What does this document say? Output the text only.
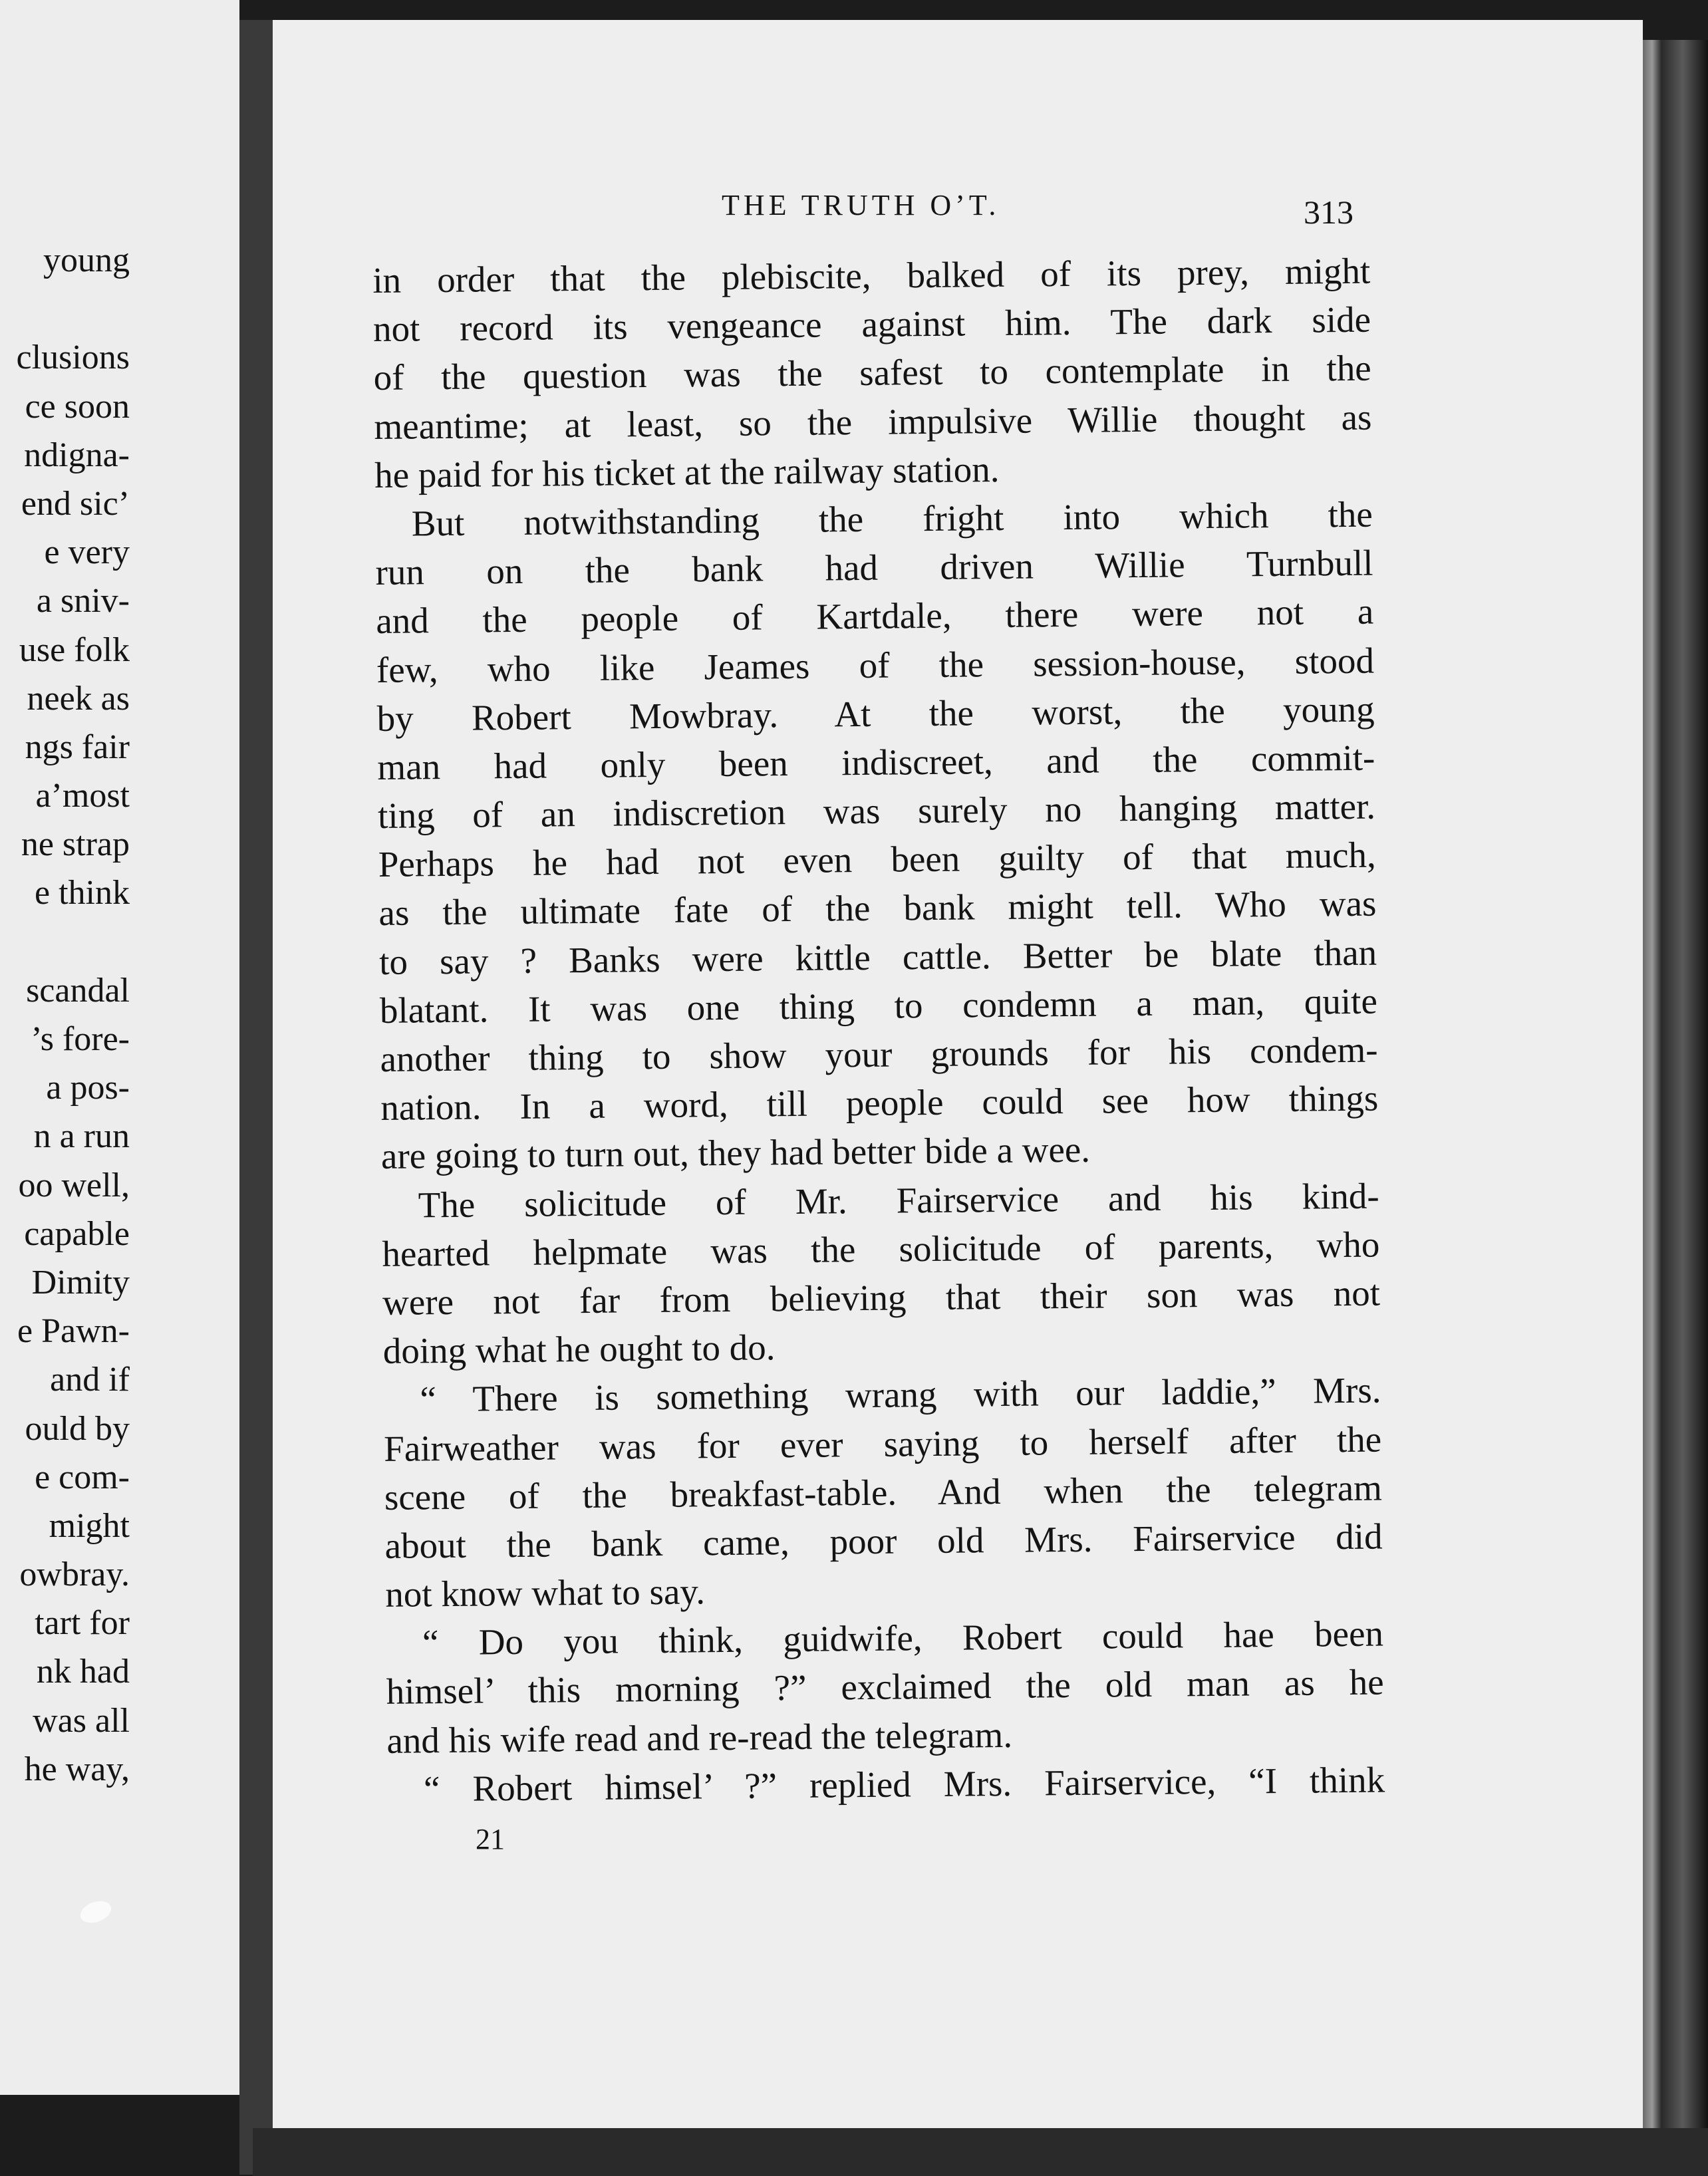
young
clusions
ce soon
ndigna-
end sic’
e very
a sniv-
use folk
neek as
ngs fair
a’most
ne strap
e think
scandal
’s fore-
a pos-
n a run
oo well,
capable
Dimity
e Pawn-
and if
ould by
e com-
might
owbray.
tart for
nk had
was all
he way,
THE TRUTH O’T.	313
in order that the plebiscite, balked of its prey, might
not record its vengeance against him. The dark side
of the question was the safest to contemplate in the
meantime; at least, so the impulsive Willie thought as
he paid for his ticket at the railway station.
But notwithstanding the fright into which the
run on the bank had driven Willie Turnbull
and the people of Kartdale, there were not a
few, who like Jeames of the session-house, stood
by Robert Mowbray. At the worst, the young
man had only been indiscreet, and the commit-
ting of an indiscretion was surely no hanging matter.
Perhaps he had not even been guilty of that much,
as the ultimate fate of the bank might tell. Who was
to say ? Banks were kittle cattle. Better be blate than
blatant. It was one thing to condemn a man, quite
another thing to show your grounds for his condem-
nation. In a word, till people could see how things
are going to turn out, they had better bide a wee.
The solicitude of Mr. Fairservice and his kind-
hearted helpmate was the solicitude of parents, who
were not far from believing that their son was not
doing what he ought to do.
“ There is something wrang with our laddie,” Mrs.
Fairweather was for ever saying to herself after the
scene of the breakfast-table. And when the telegram
about the bank came, poor old Mrs. Fairservice did
not know what to say.
“ Do you think, guidwife, Robert could hae been
himsel’ this morning ?” exclaimed the old man as he
and his wife read and re-read the telegram.
“ Robert himsel’ ?” replied Mrs. Fairservice, “I think
21
